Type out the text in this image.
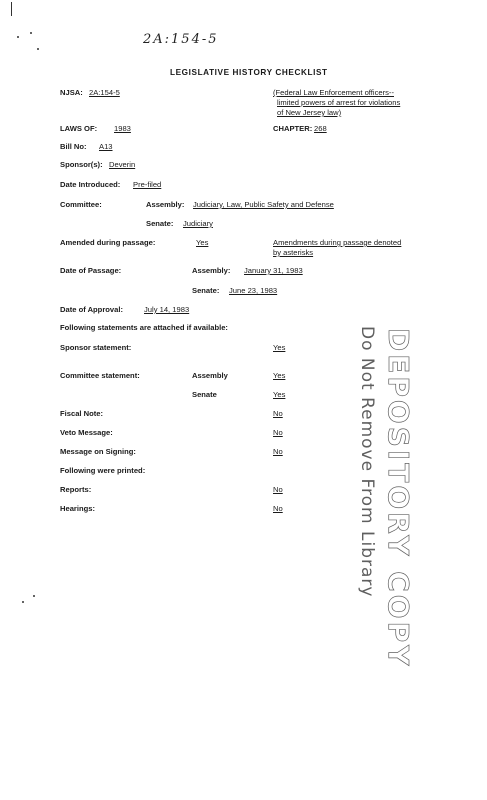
2A:154-5
LEGISLATIVE HISTORY CHECKLIST
NJSA: 2A:154-5	(Federal Law Enforcement officers--
limited powers of arrest for violations
of New Jersey law)
LAWS OF: 1983	CHAPTER: 268
Bill No: A13
Sponsor(s): Deverin
Date Introduced: Pre-filed
Committee:	Assembly: Judiciary, Law, Public Safety and Defense
Senate: Judiciary
Amended during passage:	Yes	Amendments during passage denoted
by asterisks
Date of Passage:	Assembly: January 31, 1983
Senate: June 23, 1983
Date of Approval:	July 14, 1983
Following statements are attached if available:
Sponsor statement:	Yes
Committee statement:	Assembly	Yes
Senate	Yes
Fiscal Note:	No
Veto Message:	No
Message on Signing:	No
Following were printed:
Reports:	No
Hearings:	No	DEPOSITORY COPY
Do Not Remove From Library
